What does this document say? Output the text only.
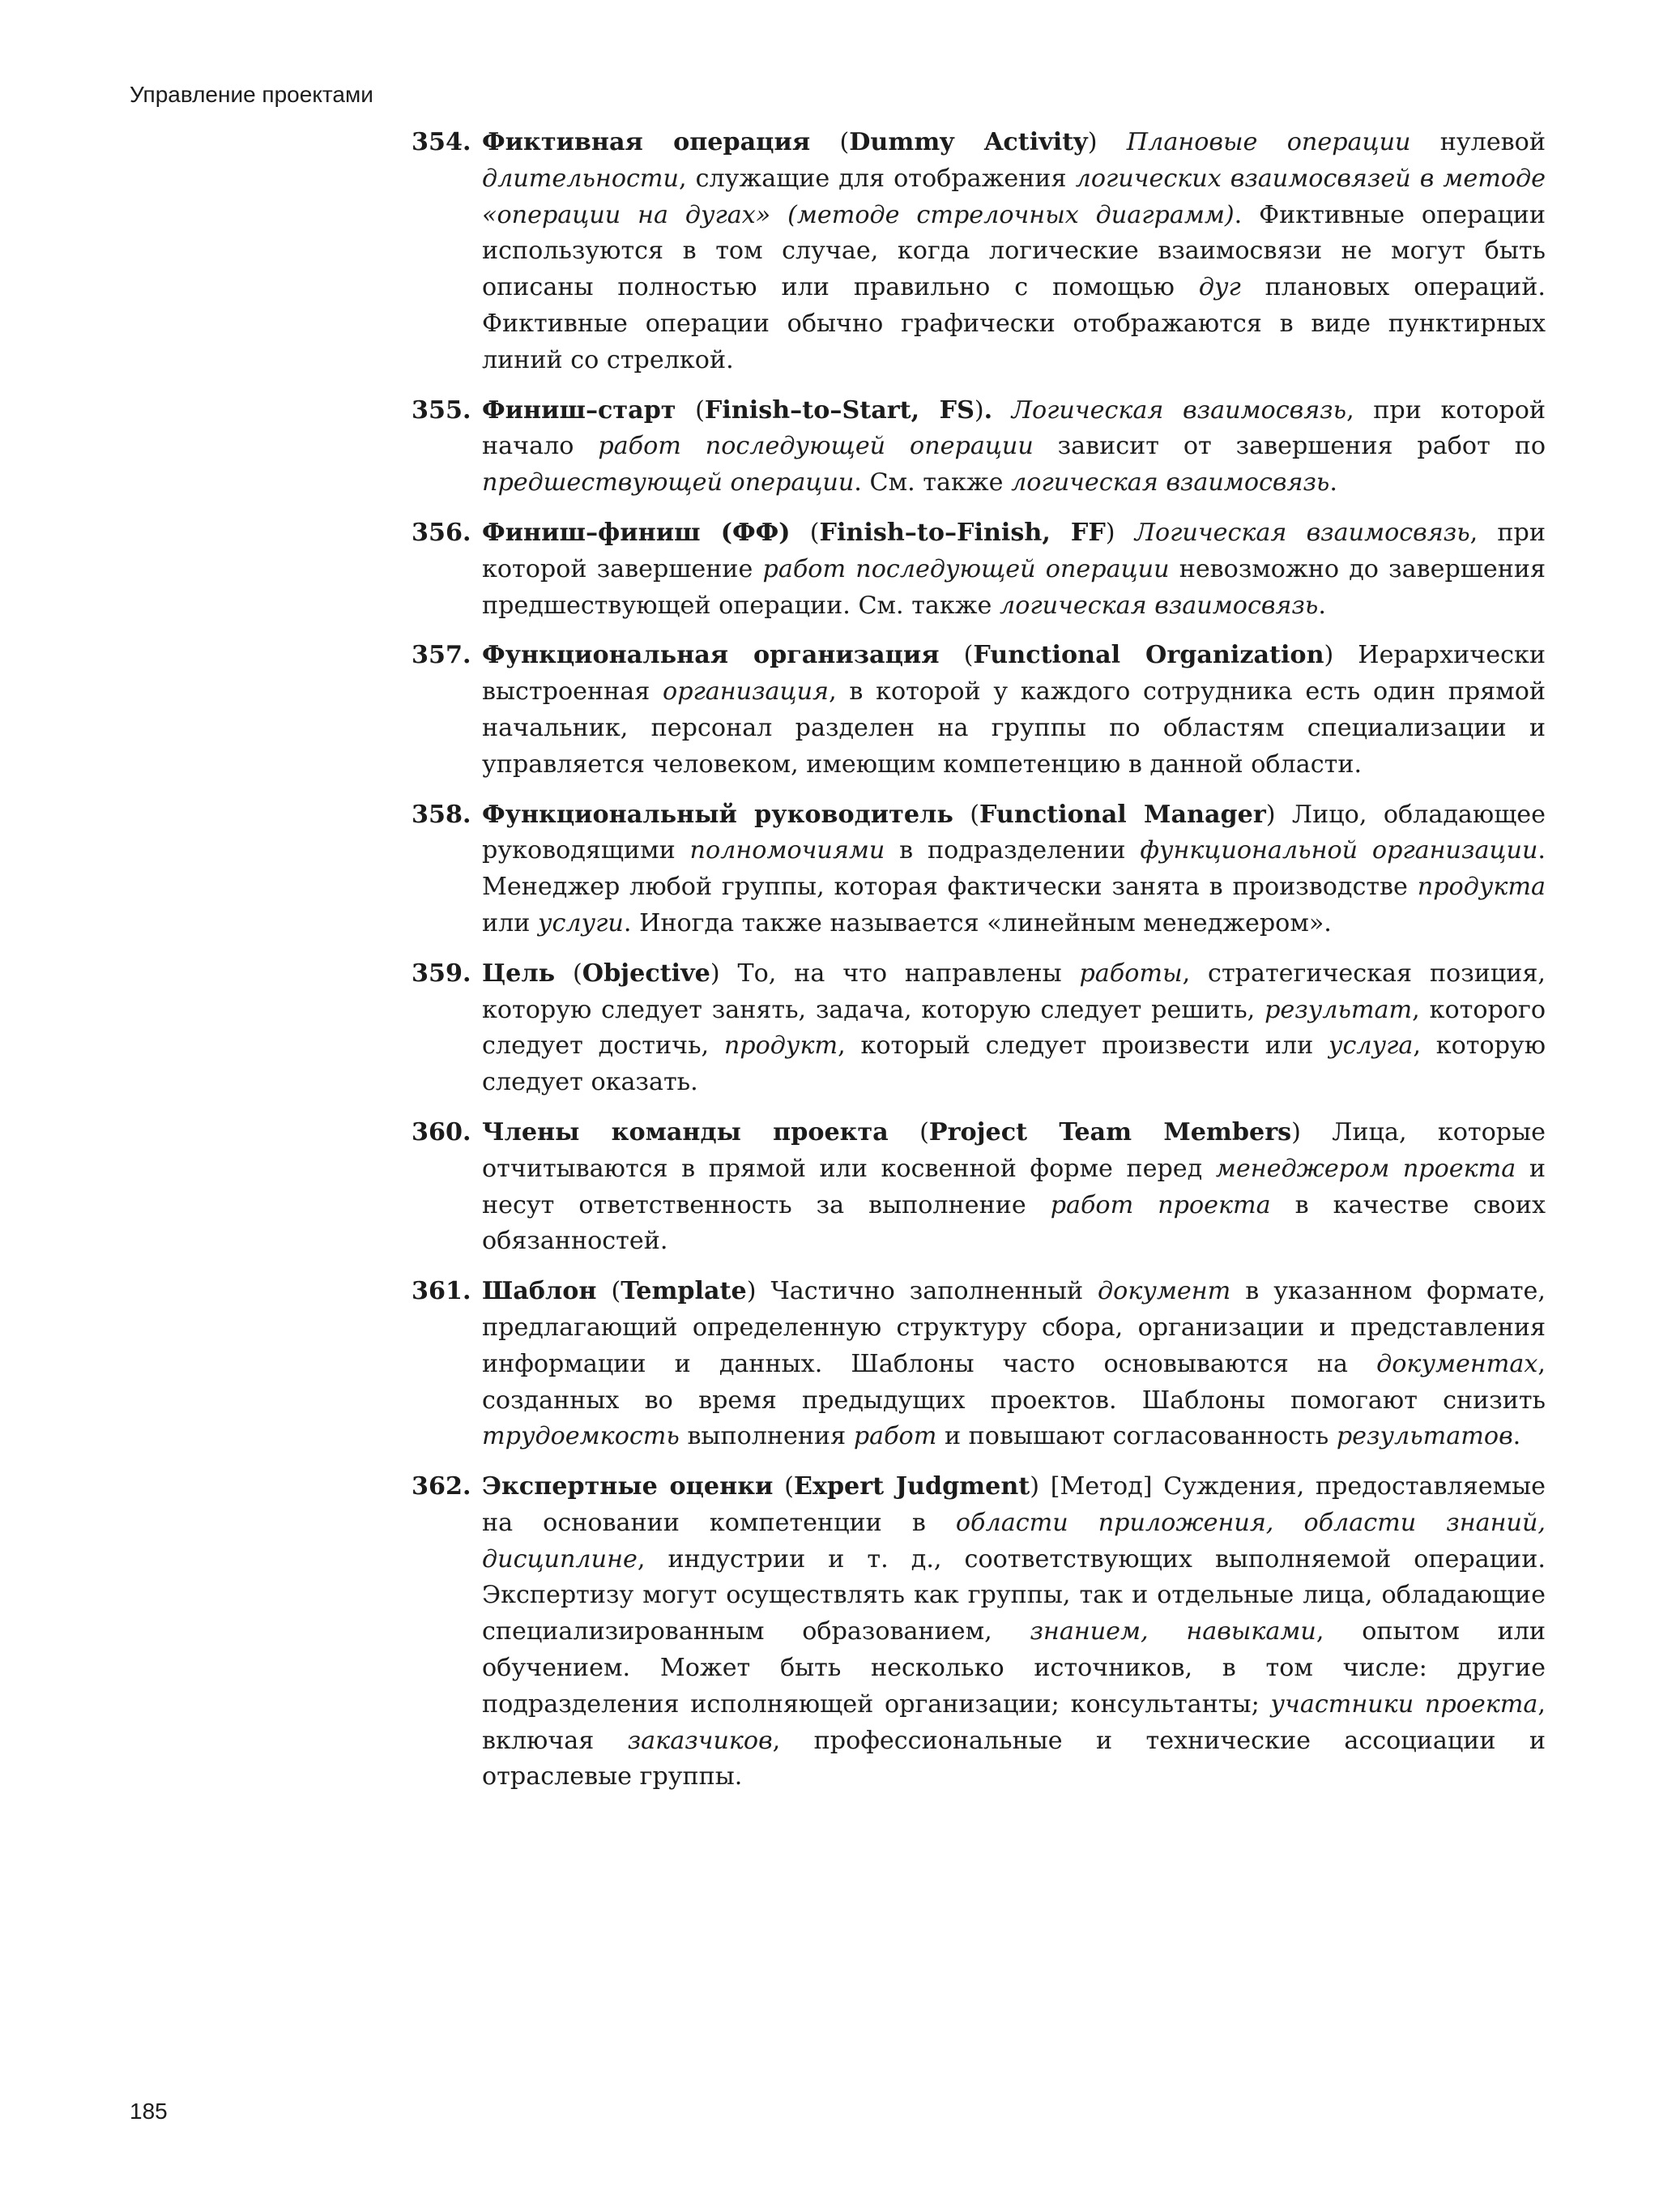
Управление проектами
354. Фиктивная операция (Dummy Activity) Плановые операции нулевой длительности, служащие для отображения логических взаимосвязей в методе «операции на дугах» (методе стрелочных диаграмм). Фиктивные операции используются в том случае, когда логические взаимосвязи не могут быть описаны полностью или правильно с помощью дуг плановых операций. Фиктивные операции обычно графически отображаются в виде пунктирных линий со стрелкой.
355. Финиш–старт (Finish–to–Start, FS). Логическая взаимосвязь, при которой начало работ последующей операции зависит от завершения работ по предшествующей операции. См. также логическая взаимосвязь.
356. Финиш–финиш (ФФ) (Finish–to–Finish, FF) Логическая взаимосвязь, при которой завершение работ последующей операции невозможно до завершения предшествующей операции. См. также логическая взаимосвязь.
357. Функциональная организация (Functional Organization) Иерархически выстроенная организация, в которой у каждого сотрудника есть один прямой начальник, персонал разделен на группы по областям специализации и управляется человеком, имеющим компетенцию в данной области.
358. Функциональный руководитель (Functional Manager) Лицо, обладающее руководящими полномочиями в подразделении функциональной организации. Менеджер любой группы, которая фактически занята в производстве продукта или услуги. Иногда также называется «линейным менеджером».
359. Цель (Objective) То, на что направлены работы, стратегическая позиция, которую следует занять, задача, которую следует решить, результат, которого следует достичь, продукт, который следует произвести или услуга, которую следует оказать.
360. Члены команды проекта (Project Team Members) Лица, которые отчитываются в прямой или косвенной форме перед менеджером проекта и несут ответственность за выполнение работ проекта в качестве своих обязанностей.
361. Шаблон (Template) Частично заполненный документ в указанном формате, предлагающий определенную структуру сбора, организации и представления информации и данных. Шаблоны часто основываются на документах, созданных во время предыдущих проектов. Шаблоны помогают снизить трудоемкость выполнения работ и повышают согласованность результатов.
362. Экспертные оценки (Expert Judgment) [Метод] Суждения, предоставляемые на основании компетенции в области приложения, области знаний, дисциплине, индустрии и т. д., соответствующих выполняемой операции. Экспертизу могут осуществлять как группы, так и отдельные лица, обладающие специализированным образованием, знанием, навыками, опытом или обучением. Может быть несколько источников, в том числе: другие подразделения исполняющей организации; консультанты; участники проекта, включая заказчиков, профессиональные и технические ассоциации и отраслевые группы.
185
